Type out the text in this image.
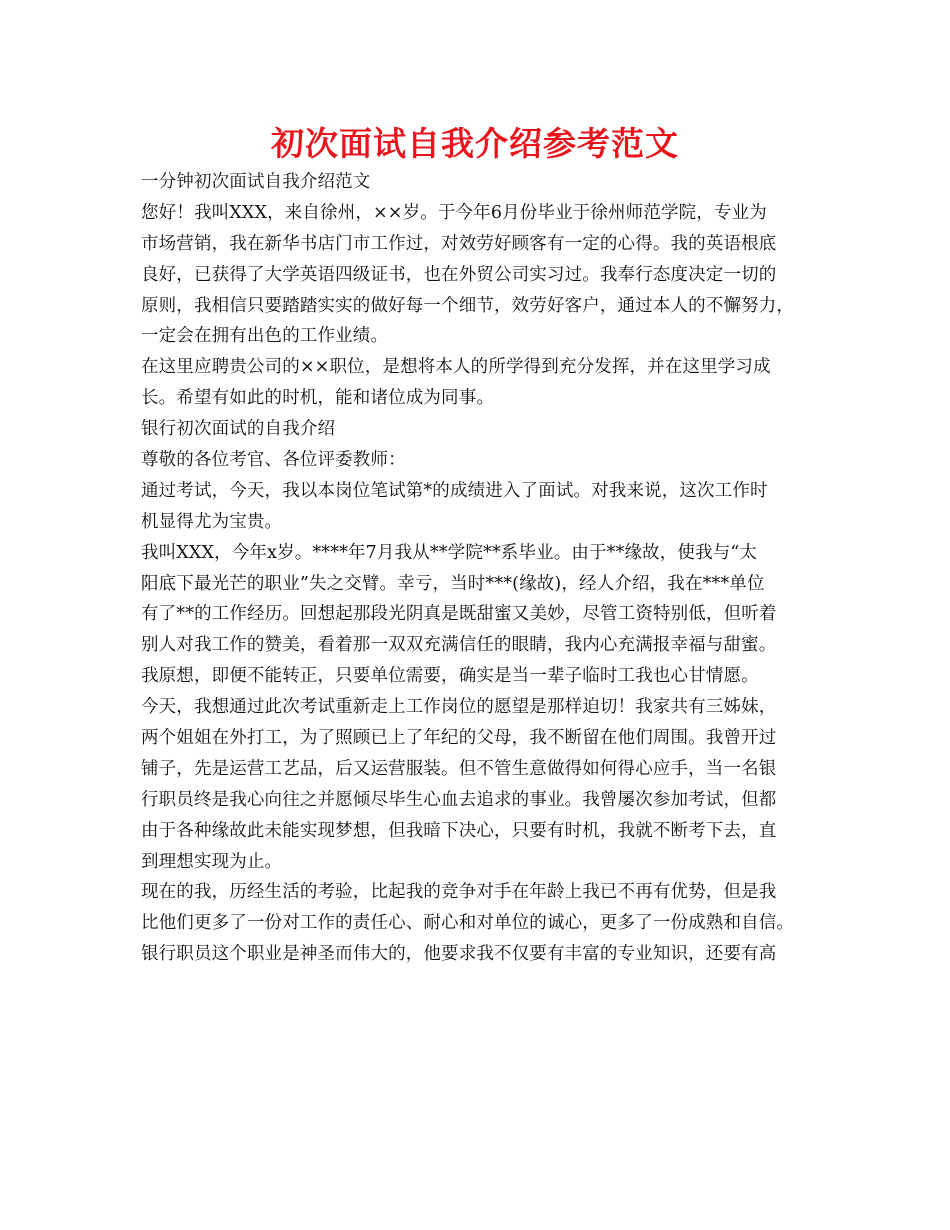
初次面试自我介绍参考范文
一分钟初次面试自我介绍范文
您好！我叫XXX，来自徐州，××岁。于今年6月份毕业于徐州师范学院，专业为
市场营销，我在新华书店门市工作过，对效劳好顾客有一定的心得。我的英语根底
良好，已获得了大学英语四级证书，也在外贸公司实习过。我奉行态度决定一切的
原则，我相信只要踏踏实实的做好每一个细节，效劳好客户，通过本人的不懈努力，
一定会在拥有出色的工作业绩。
在这里应聘贵公司的××职位，是想将本人的所学得到充分发挥，并在这里学习成
长。希望有如此的时机，能和诸位成为同事。
银行初次面试的自我介绍
尊敬的各位考官、各位评委教师：
通过考试，今天，我以本岗位笔试第*的成绩进入了面试。对我来说，这次工作时
机显得尤为宝贵。
我叫XXX，今年x岁。****年7月我从**学院**系毕业。由于**缘故，使我与“太
阳底下最光芒的职业”失之交臂。幸亏，当时***(缘故)，经人介绍，我在***单位
有了**的工作经历。回想起那段光阴真是既甜蜜又美妙，尽管工资特别低，但听着
别人对我工作的赞美，看着那一双双充满信任的眼睛，我内心充满报幸福与甜蜜。
我原想，即便不能转正，只要单位需要，确实是当一辈子临时工我也心甘情愿。
今天，我想通过此次考试重新走上工作岗位的愿望是那样迫切！我家共有三姊妹，
两个姐姐在外打工，为了照顾已上了年纪的父母，我不断留在他们周围。我曾开过
铺子，先是运营工艺品，后又运营服装。但不管生意做得如何得心应手，当一名银
行职员终是我心向往之并愿倾尽毕生心血去追求的事业。我曾屡次参加考试，但都
由于各种缘故此未能实现梦想，但我暗下决心，只要有时机，我就不断考下去，直
到理想实现为止。
现在的我，历经生活的考验，比起我的竞争对手在年龄上我已不再有优势，但是我
比他们更多了一份对工作的责任心、耐心和对单位的诚心，更多了一份成熟和自信。
银行职员这个职业是神圣而伟大的，他要求我不仅要有丰富的专业知识，还要有高
